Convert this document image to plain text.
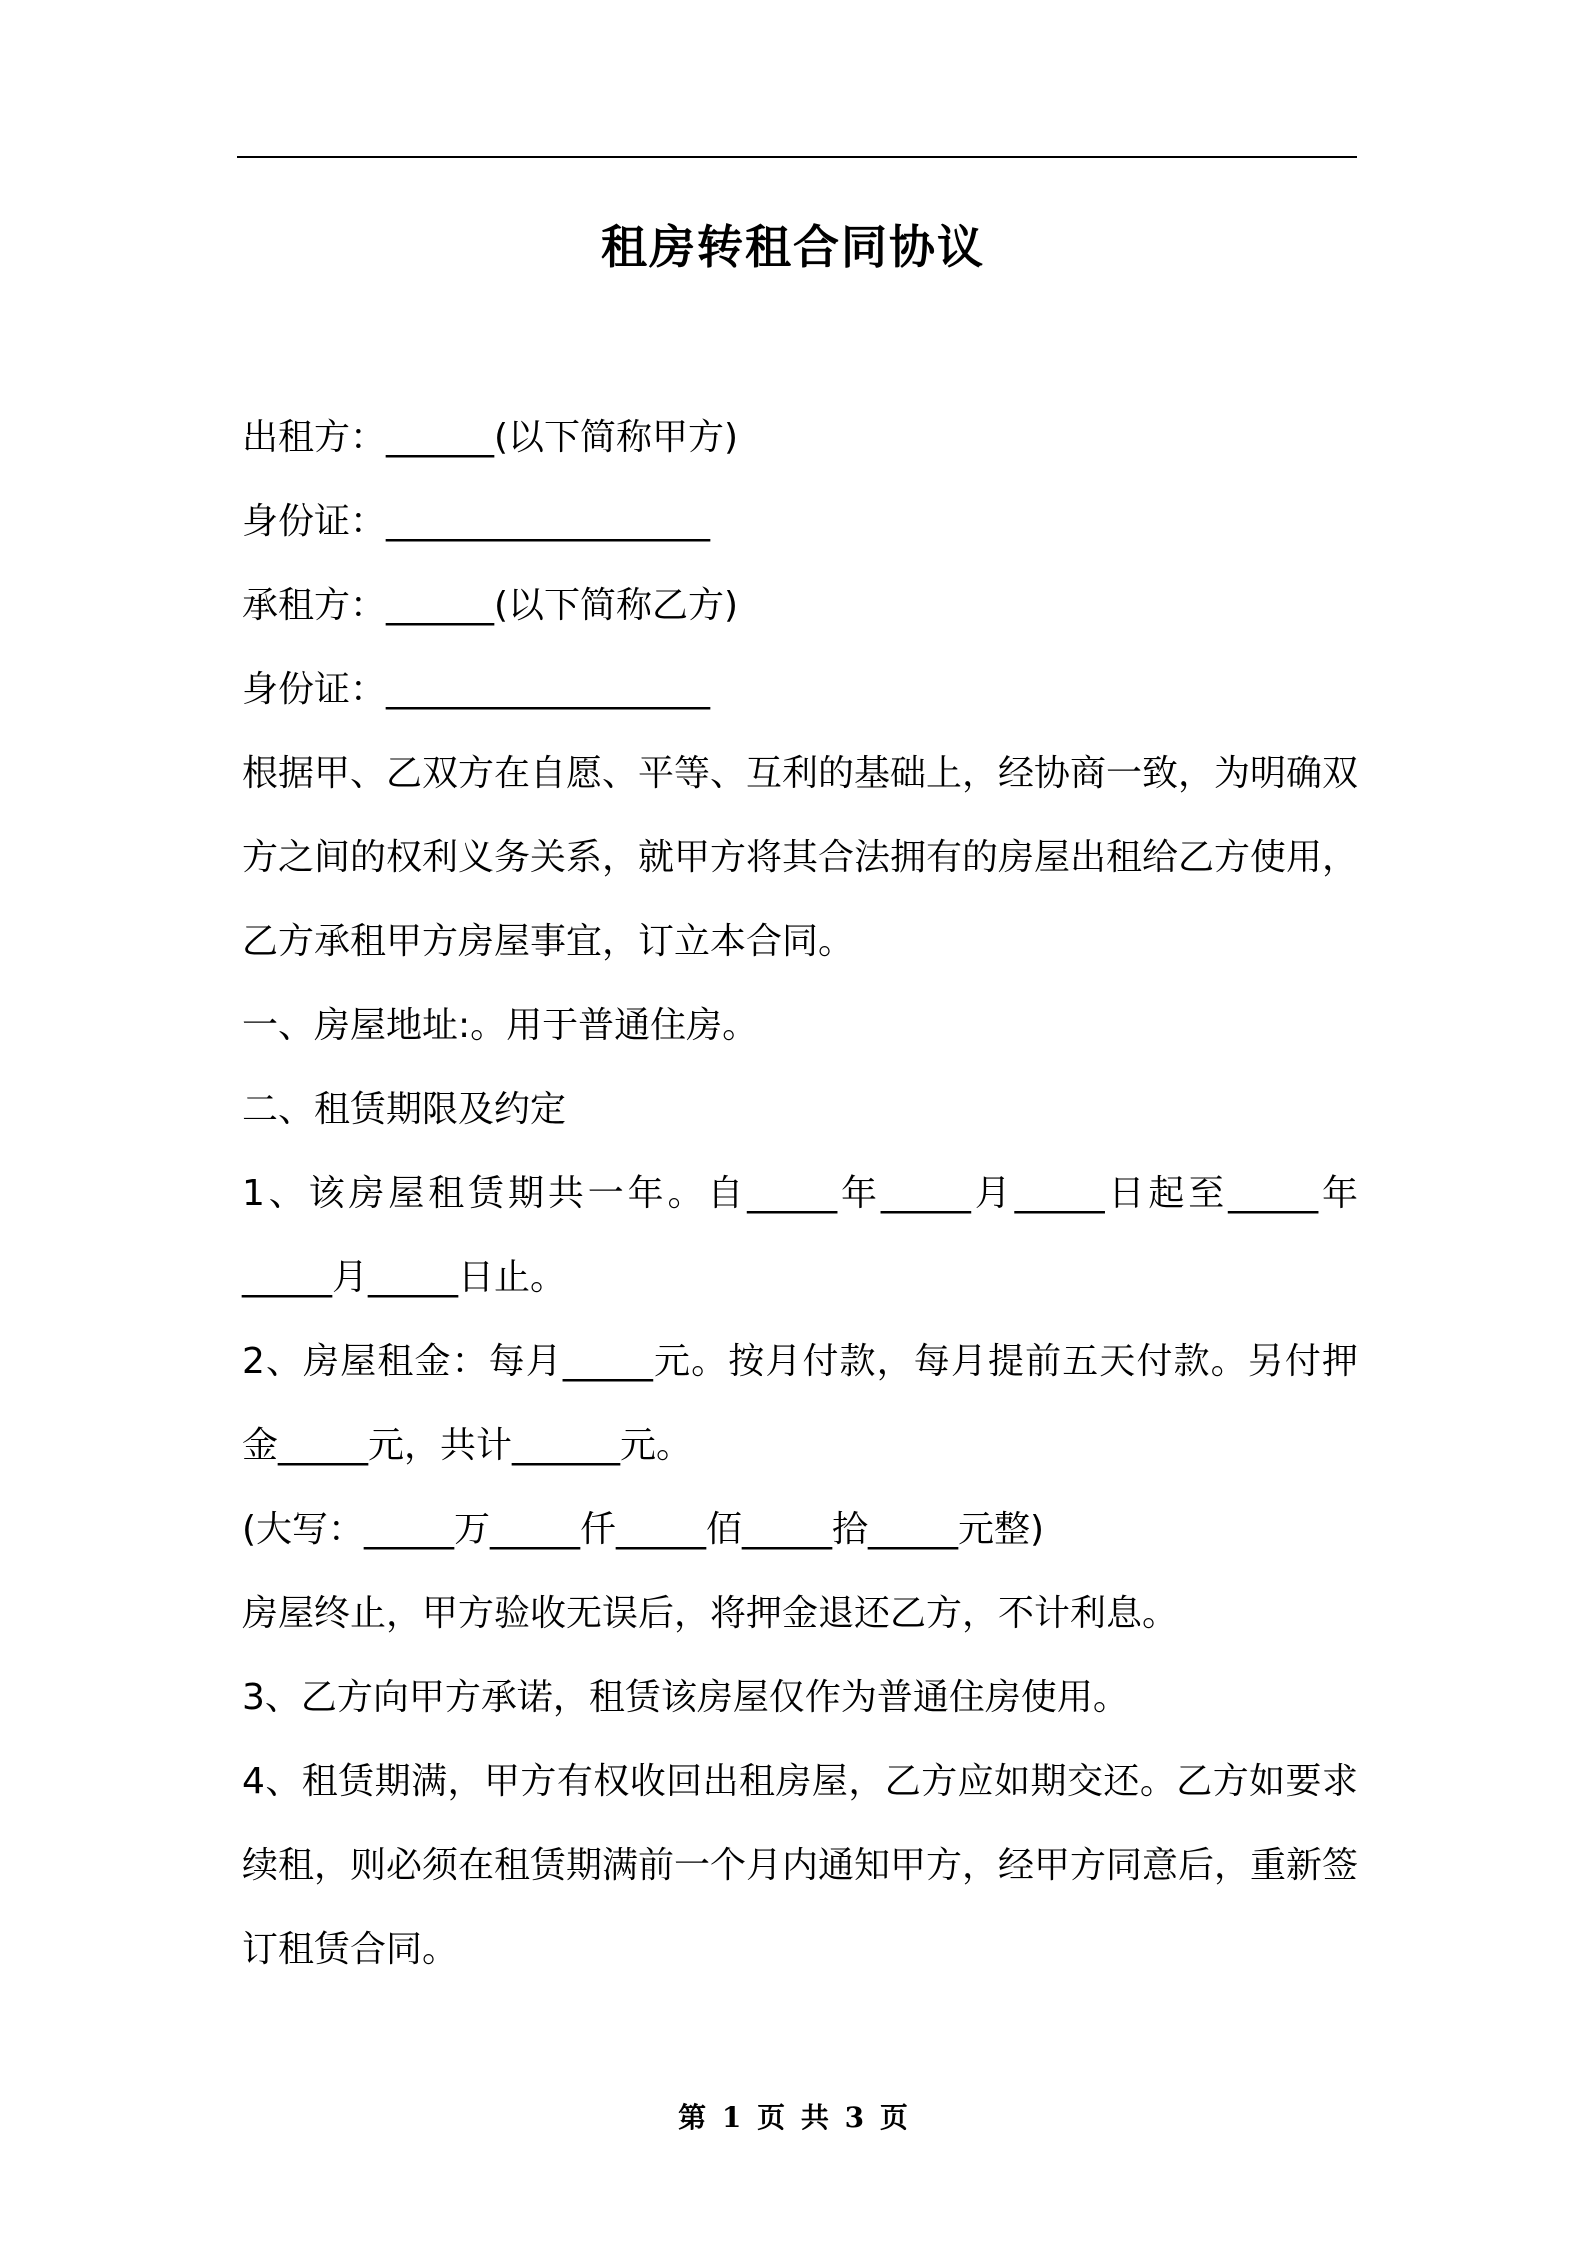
租房转租合同协议

出租方：______(以下简称甲方)

身份证：__________________

承租方：______(以下简称乙方)

身份证：__________________

根据甲、乙双方在自愿、平等、互利的基础上，经协商一致，为明确双方之间的权利义务关系，就甲方将其合法拥有的房屋出租给乙方使用，乙方承租甲方房屋事宜，订立本合同。

一、房屋地址:。用于普通住房。

二、租赁期限及约定

1、该房屋租赁期共一年。自_____年_____月_____日起至_____年_____月_____日止。

2、房屋租金：每月_____元。按月付款，每月提前五天付款。另付押金_____元，共计______元。

(大写：_____万_____仟_____佰_____拾_____元整)

房屋终止，甲方验收无误后，将押金退还乙方，不计利息。

3、乙方向甲方承诺，租赁该房屋仅作为普通住房使用。

4、租赁期满，甲方有权收回出租房屋，乙方应如期交还。乙方如要求续租，则必须在租赁期满前一个月内通知甲方，经甲方同意后，重新签订租赁合同。

第 1 页 共 3 页
